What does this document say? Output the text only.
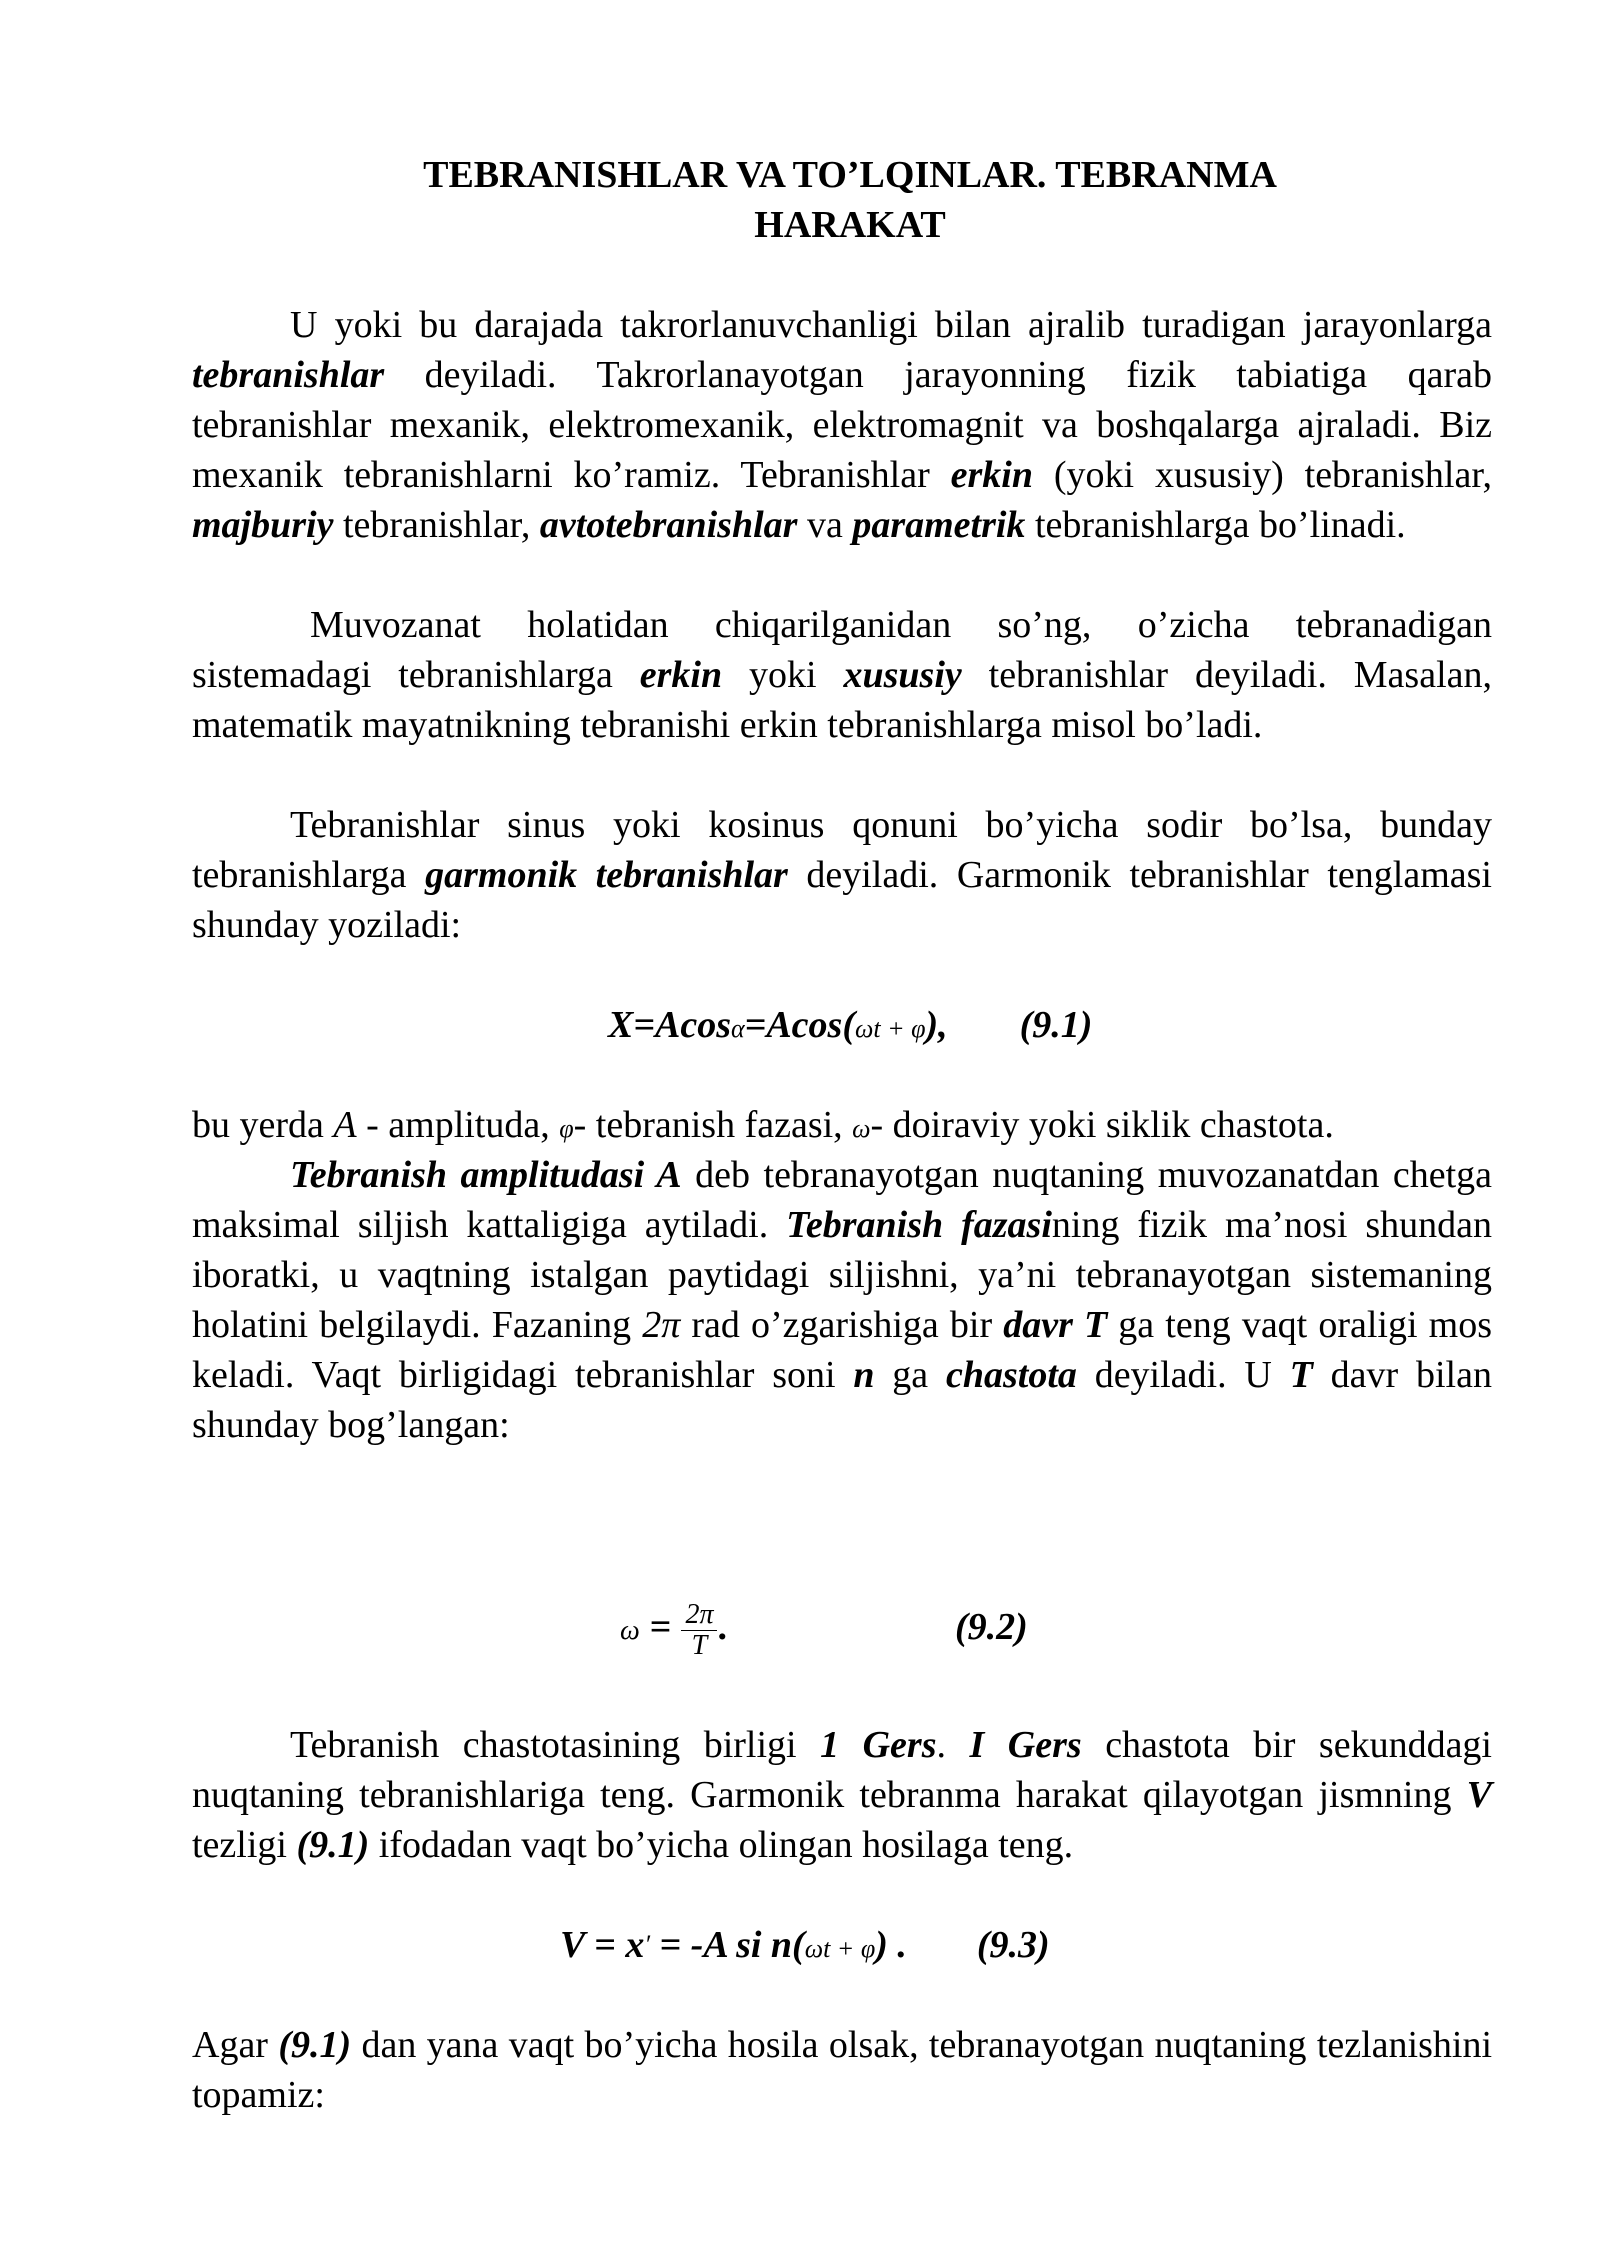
TEBRANISHLAR VA TO’LQINLAR. TEBRANMA
HARAKAT
U yoki bu darajada takrorlanuvchanligi bilan ajralib turadigan jarayonlarga tebranishlar deyiladi. Takrorlanayotgan jarayonning fizik tabiatiga qarab tebranishlar mexanik, elektromexanik, elektromagnit va boshqalarga ajraladi. Biz mexanik tebranishlarni ko’ramiz. Tebranishlar erkin (yoki xususiy) tebranishlar, majburiy tebranishlar, avtotebranishlar va parametrik tebranishlarga bo’linadi.
Muvozanat holatidan chiqarilganidan so’ng, o’zicha tebranadigan sistemadagi tebranishlarga erkin yoki xususiy tebranishlar deyiladi. Masalan, matematik mayatnikning tebranishi erkin tebranishlarga misol bo’ladi.
Tebranishlar sinus yoki kosinus qonuni bo’yicha sodir bo’lsa, bunday tebranishlarga garmonik tebranishlar deyiladi. Garmonik tebranishlar tenglamasi shunday yoziladi:
X=Acosα=Acos(ωt + φ), (9.1)
bu yerda A - amplituda, φ- tebranish fazasi, ω- doiraviy yoki siklik chastota.
Tebranish amplitudasi A deb tebranayotgan nuqtaning muvozanatdan chetga maksimal siljish kattaligiga aytiladi. Tebranish fazasining fizik ma’nosi shundan iboratki, u vaqtning istalgan paytidagi siljishni, ya’ni tebranayotgan sistemaning holatini belgilaydi. Fazaning 2π rad o’zgarishiga bir davr T ga teng vaqt oraligi mos keladi. Vaqt birligidagi tebranishlar soni n ga chastota deyiladi. U T davr bilan shunday bog’langan:
$\omega = \frac{2\pi}{T}$ .	(9.2)
Tebranish chastotasining birligi 1 Gers. I Gers chastota bir sekunddagi nuqtaning tebranishlariga teng. Garmonik tebranma harakat qilayotgan jismning V tezligi (9.1) ifodadan vaqt bo’yicha olingan hosilaga teng.
V = x′ = -A si n(ωt + φ) . (9.3)
Agar (9.1) dan yana vaqt bo’yicha hosila olsak, tebranayotgan nuqtaning tezlanishini topamiz:
